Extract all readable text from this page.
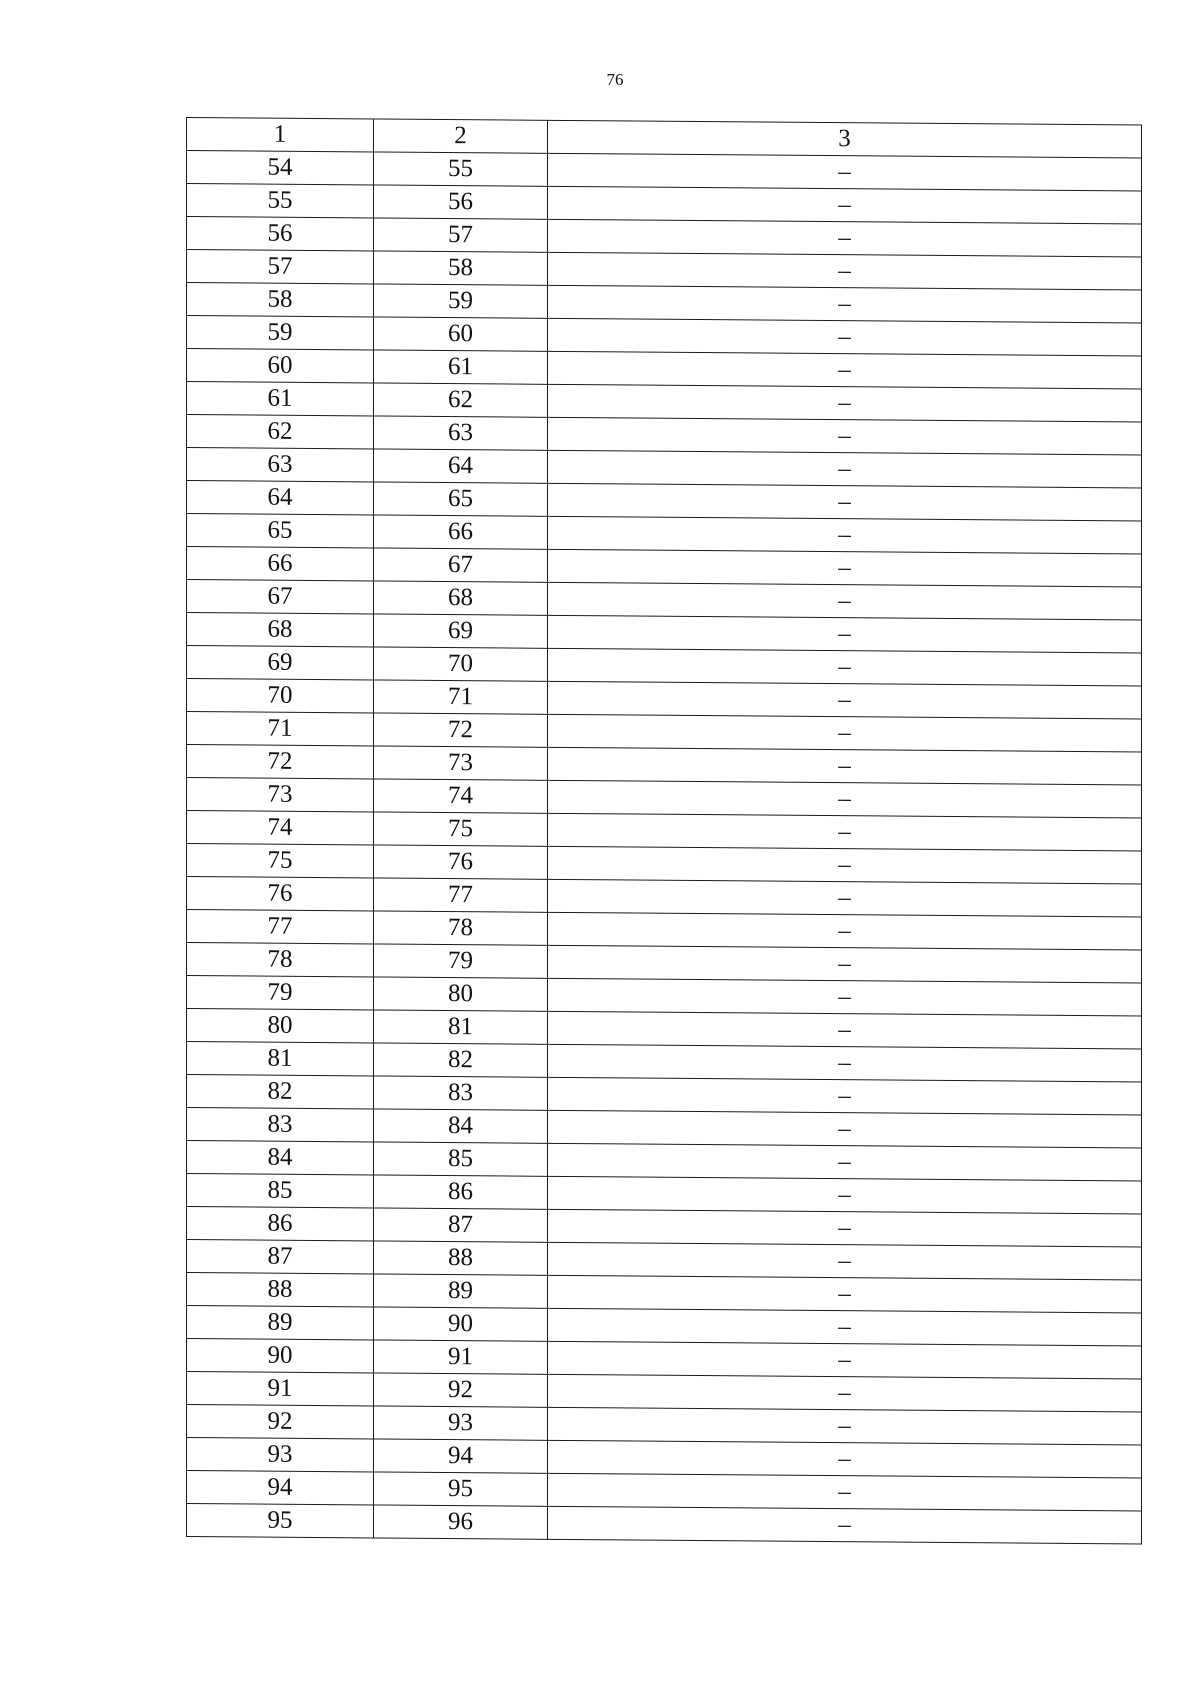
76
1	2	3
54	55	–
55	56	–
56	57	–
57	58	–
58	59	–
59	60	–
60	61	–
61	62	–
62	63	–
63	64	–
64	65	–
65	66	–
66	67	–
67	68	–
68	69	–
69	70	–
70	71	–
71	72	–
72	73	–
73	74	–
74	75	–
75	76	–
76	77	–
77	78	–
78	79	–
79	80	–
80	81	–
81	82	–
82	83	–
83	84	–
84	85	–
85	86	–
86	87	–
87	88	–
88	89	–
89	90	–
90	91	–
91	92	–
92	93	–
93	94	–
94	95	–
95	96	–
